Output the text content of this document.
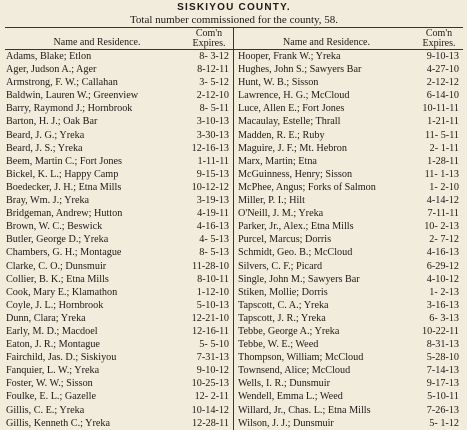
SISKIYOU COUNTY.
Total number commissioned for the county, 58.
Name and Residence.
Com'n
Expires.
Adams, Blake; Etlon	8- 3-12
Ager, Judson A.; Ager	8-12-11
Armstrong, F. W.; Callahan	3- 5-12
Baldwin, Lauren W.; Greenview	2-12-10
Barry, Raymond J.; Hornbrook	8- 5-11
Barton, H. J.; Oak Bar	3-10-13
Beard, J. G.; Yreka	3-30-13
Beard, J. S.; Yreka	12-16-13
Beem, Martin C.; Fort Jones	1-11-11
Bickel, K. L.; Happy Camp	9-15-13
Boedecker, J. H.; Etna Mills	10-12-12
Bray, Wm. J.; Yreka	3-19-13
Bridgeman, Andrew; Hutton	4-19-11
Brown, W. C.; Beswick	4-16-13
Butler, George D.; Yreka	4- 5-13
Chambers, G. H.; Montague	8- 5-13
Clarke, C. O.; Dunsmuir	11-28-10
Collier, B. K.; Etna Mills	8-10-11
Cook, Mary E.; Klamathon	1-12-10
Coyle, J. L.; Hornbrook	5-10-13
Dunn, Clara; Yreka	12-21-10
Early, M. D.; Macdoel	12-16-11
Eaton, J. R.; Montague	5- 5-10
Fairchild, Jas. D.; Siskiyou	7-31-13
Fanquier, L. W.; Yreka	9-10-12
Foster, W. W.; Sisson	10-25-13
Foulke, E. L.; Gazelle	12- 2-11
Gillis, C. E.; Yreka	10-14-12
Gillis, Kenneth C.; Yreka	12-28-11
Name and Residence.
Com'n
Expires.
Hooper, Frank W.; Yreka	9-10-13
Hughes, John S.; Sawyers Bar	4-27-10
Hunt, W. B.; Sisson	2-12-12
Lawrence, H. G.; McCloud	6-14-10
Luce, Allen E.; Fort Jones	10-11-11
Macaulay, Estelle; Thrall	1-21-11
Madden, R. E.; Ruby	11- 5-11
Maguire, J. F.; Mt. Hebron	2- 1-11
Marx, Martin; Etna	1-28-11
McGuinness, Henry; Sisson	11- 1-13
McPhee, Angus; Forks of Salmon	1- 2-10
Miller, P. I.; Hilt	4-14-12
O'Neill, J. M.; Yreka	7-11-11
Parker, Jr., Alex.; Etna Mills	10- 2-13
Purcel, Marcus; Dorris	2- 7-12
Schmidt, Geo. B.; McCloud	4-16-13
Silvers, C. F.; Picard	6-29-12
Single, John M.; Sawyers Bar	4-10-12
Stiken, Mollie; Dorris	1- 2-13
Tapscott, C. A.; Yreka	3-16-13
Tapscott, J. R.; Yreka	6- 3-13
Tebbe, George A.; Yreka	10-22-11
Tebbe, W. E.; Weed	8-31-13
Thompson, William; McCloud	5-28-10
Townsend, Alice; McCloud	7-14-13
Wells, I. R.; Dunsmuir	9-17-13
Wendell, Emma L.; Weed	5-10-11
Willard, Jr., Chas. L.; Etna Mills	7-26-13
Wilson, J. J.; Dunsmuir	5- 1-12
